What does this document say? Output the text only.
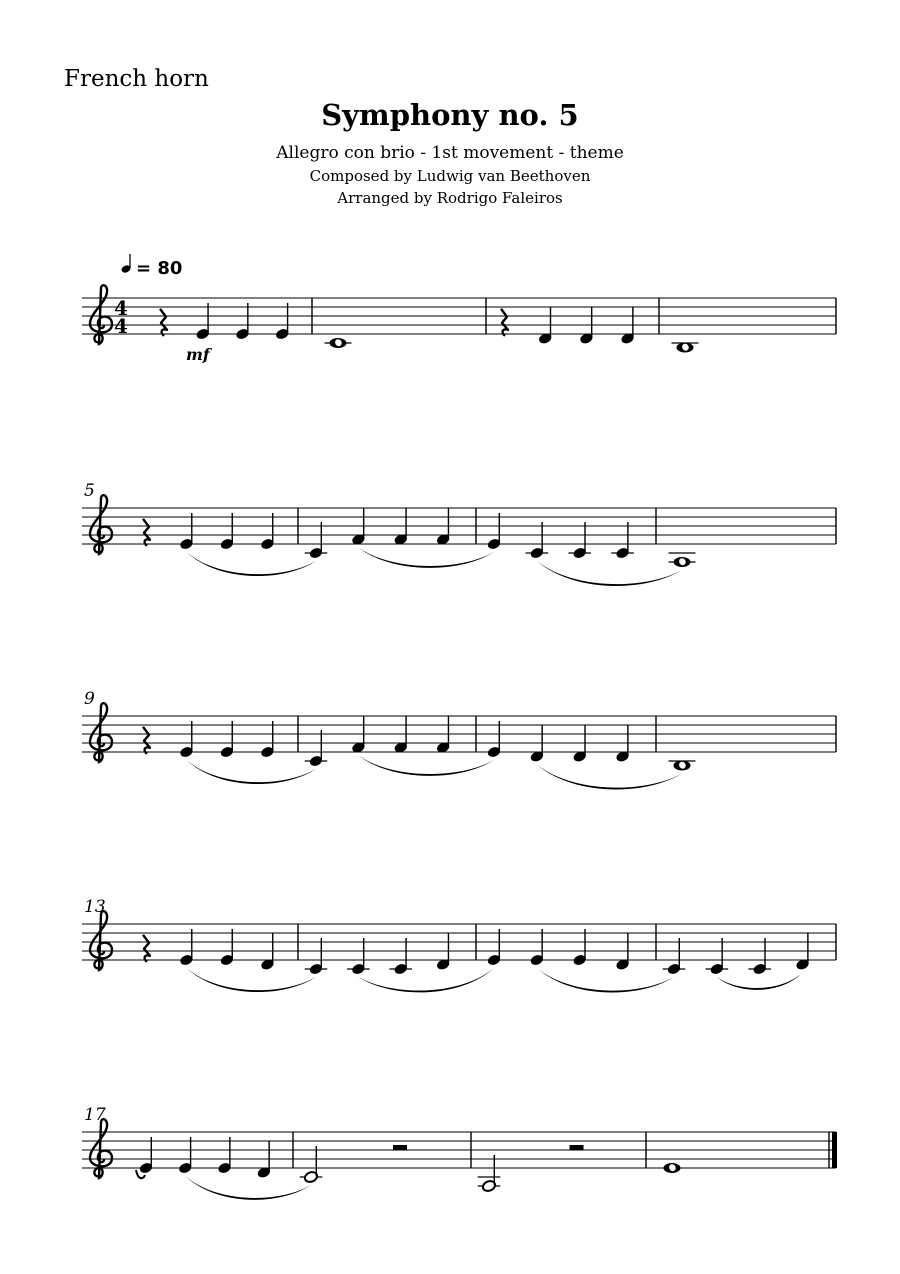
French horn
Symphony no. 5
Allegro con brio - 1st movement - theme
Composed by Ludwig van Beethoven
Arranged by Rodrigo Faleiros
4
4
= 80
mf
5
9
13
17
